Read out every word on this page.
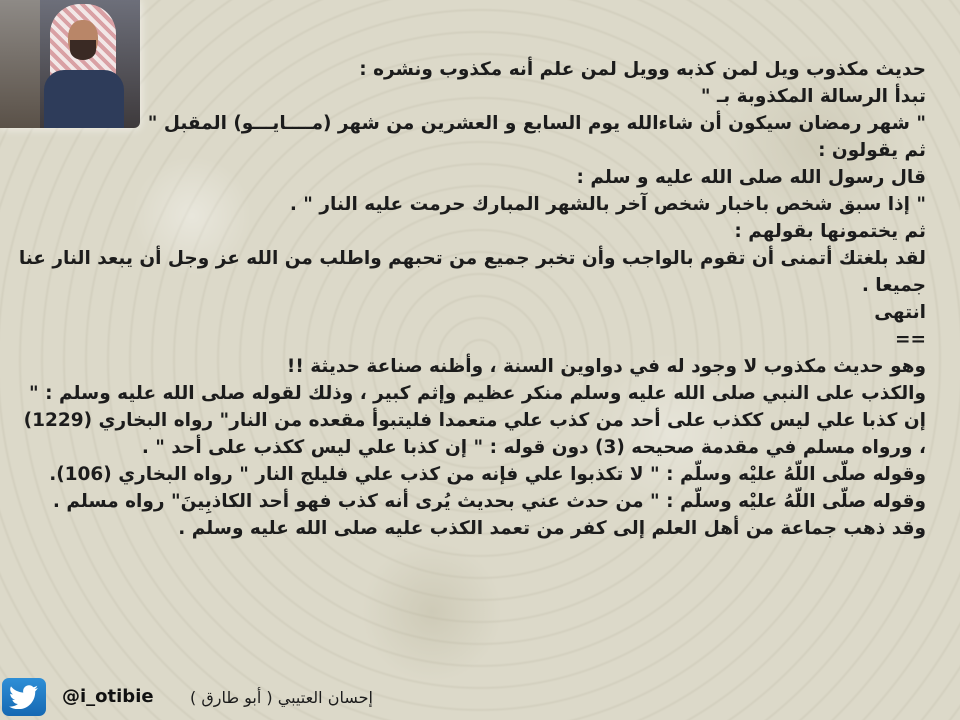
حديث مكذوب ويل لمن كذبه وويل لمن علم أنه مكذوب ونشره :
تبدأ الرسالة المكذوبة بـ "
" شهر رمضان سيكون أن شاءالله يوم السابع و العشرين من شهر (مــــايـــو) المقبل "
ثم يقولون :
قال رسول الله صلى الله عليه و سلم :
" إذا سبق شخص باخبار شخص آخر بالشهر المبارك حرمت عليه النار " .
ثم يختمونها بقولهم :
لقد بلغتك أتمنى أن تقوم بالواجب وأن تخبر جميع من تحبهم واطلب من الله عز وجل أن يبعد النار عنا
جميعا .
انتهى
==
وهو حديث مكذوب لا وجود له في دواوين السنة ، وأظنه صناعة حديثة !!
والكذب على النبي صلى الله عليه وسلم منكر عظيم وإثم كبير ، وذلك لقوله صلى الله عليه وسلم : "
إن كذبا علي ليس ككذب على أحد من كذب علي متعمدا فليتبوأ مقعده من النار" رواه البخاري (1229)
، ورواه مسلم في مقدمة صحيحه (3) دون قوله : " إن كذبا علي ليس ككذب على أحد " .
وقوله صلّى اللّهُ عليْه وسلّم : " لا تكذبوا علي فإنه من كذب علي فليلج النار " رواه البخاري (106).
وقوله صلّى اللّهُ عليْه وسلّم : " من حدث عني بحديث يُرى أنه كذب فهو أحد الكاذبِينَ" رواه مسلم .
وقد ذهب جماعة من أهل العلم إلى كفر من تعمد الكذب عليه صلى الله عليه وسلم .
@i_otibie إحسان العتيبي ( أبو طارق )
